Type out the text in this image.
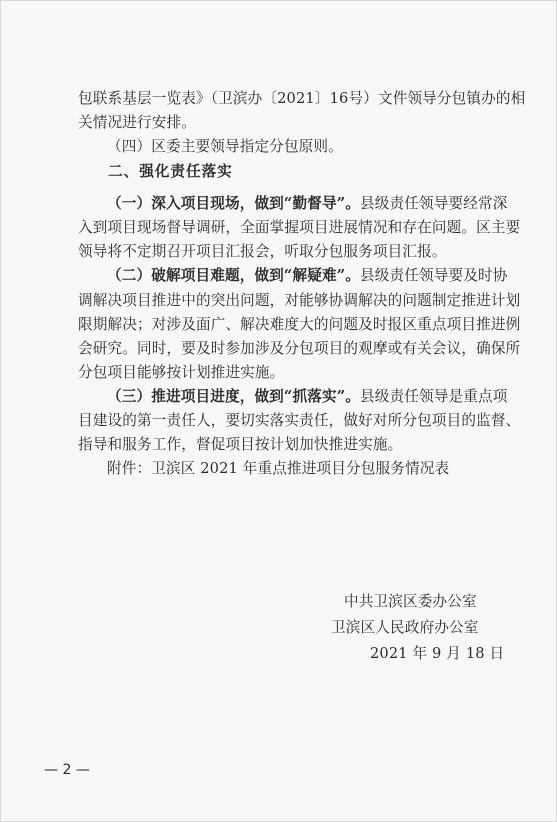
包联系基层一览表》（卫滨办〔2021〕16号）文件领导分包镇办的相
关情况进行安排。
（四）区委主要领导指定分包原则。
二、强化责任落实
（一）深入项目现场，做到“勤督导”。县级责任领导要经常深
入到项目现场督导调研，全面掌握项目进展情况和存在问题。区主要
领导将不定期召开项目汇报会，听取分包服务项目汇报。
（二）破解项目难题，做到“解疑难”。县级责任领导要及时协
调解决项目推进中的突出问题，对能够协调解决的问题制定推进计划
限期解决；对涉及面广、解决难度大的问题及时报区重点项目推进例
会研究。同时，要及时参加涉及分包项目的观摩或有关会议，确保所
分包项目能够按计划推进实施。
（三）推进项目进度，做到“抓落实”。县级责任领导是重点项
目建设的第一责任人，要切实落实责任，做好对所分包项目的监督、
指导和服务工作，督促项目按计划加快推进实施。
附件：卫滨区 2021 年重点推进项目分包服务情况表
中共卫滨区委办公室
卫滨区人民政府办公室
2021 年 9 月 18 日
— 2 —
